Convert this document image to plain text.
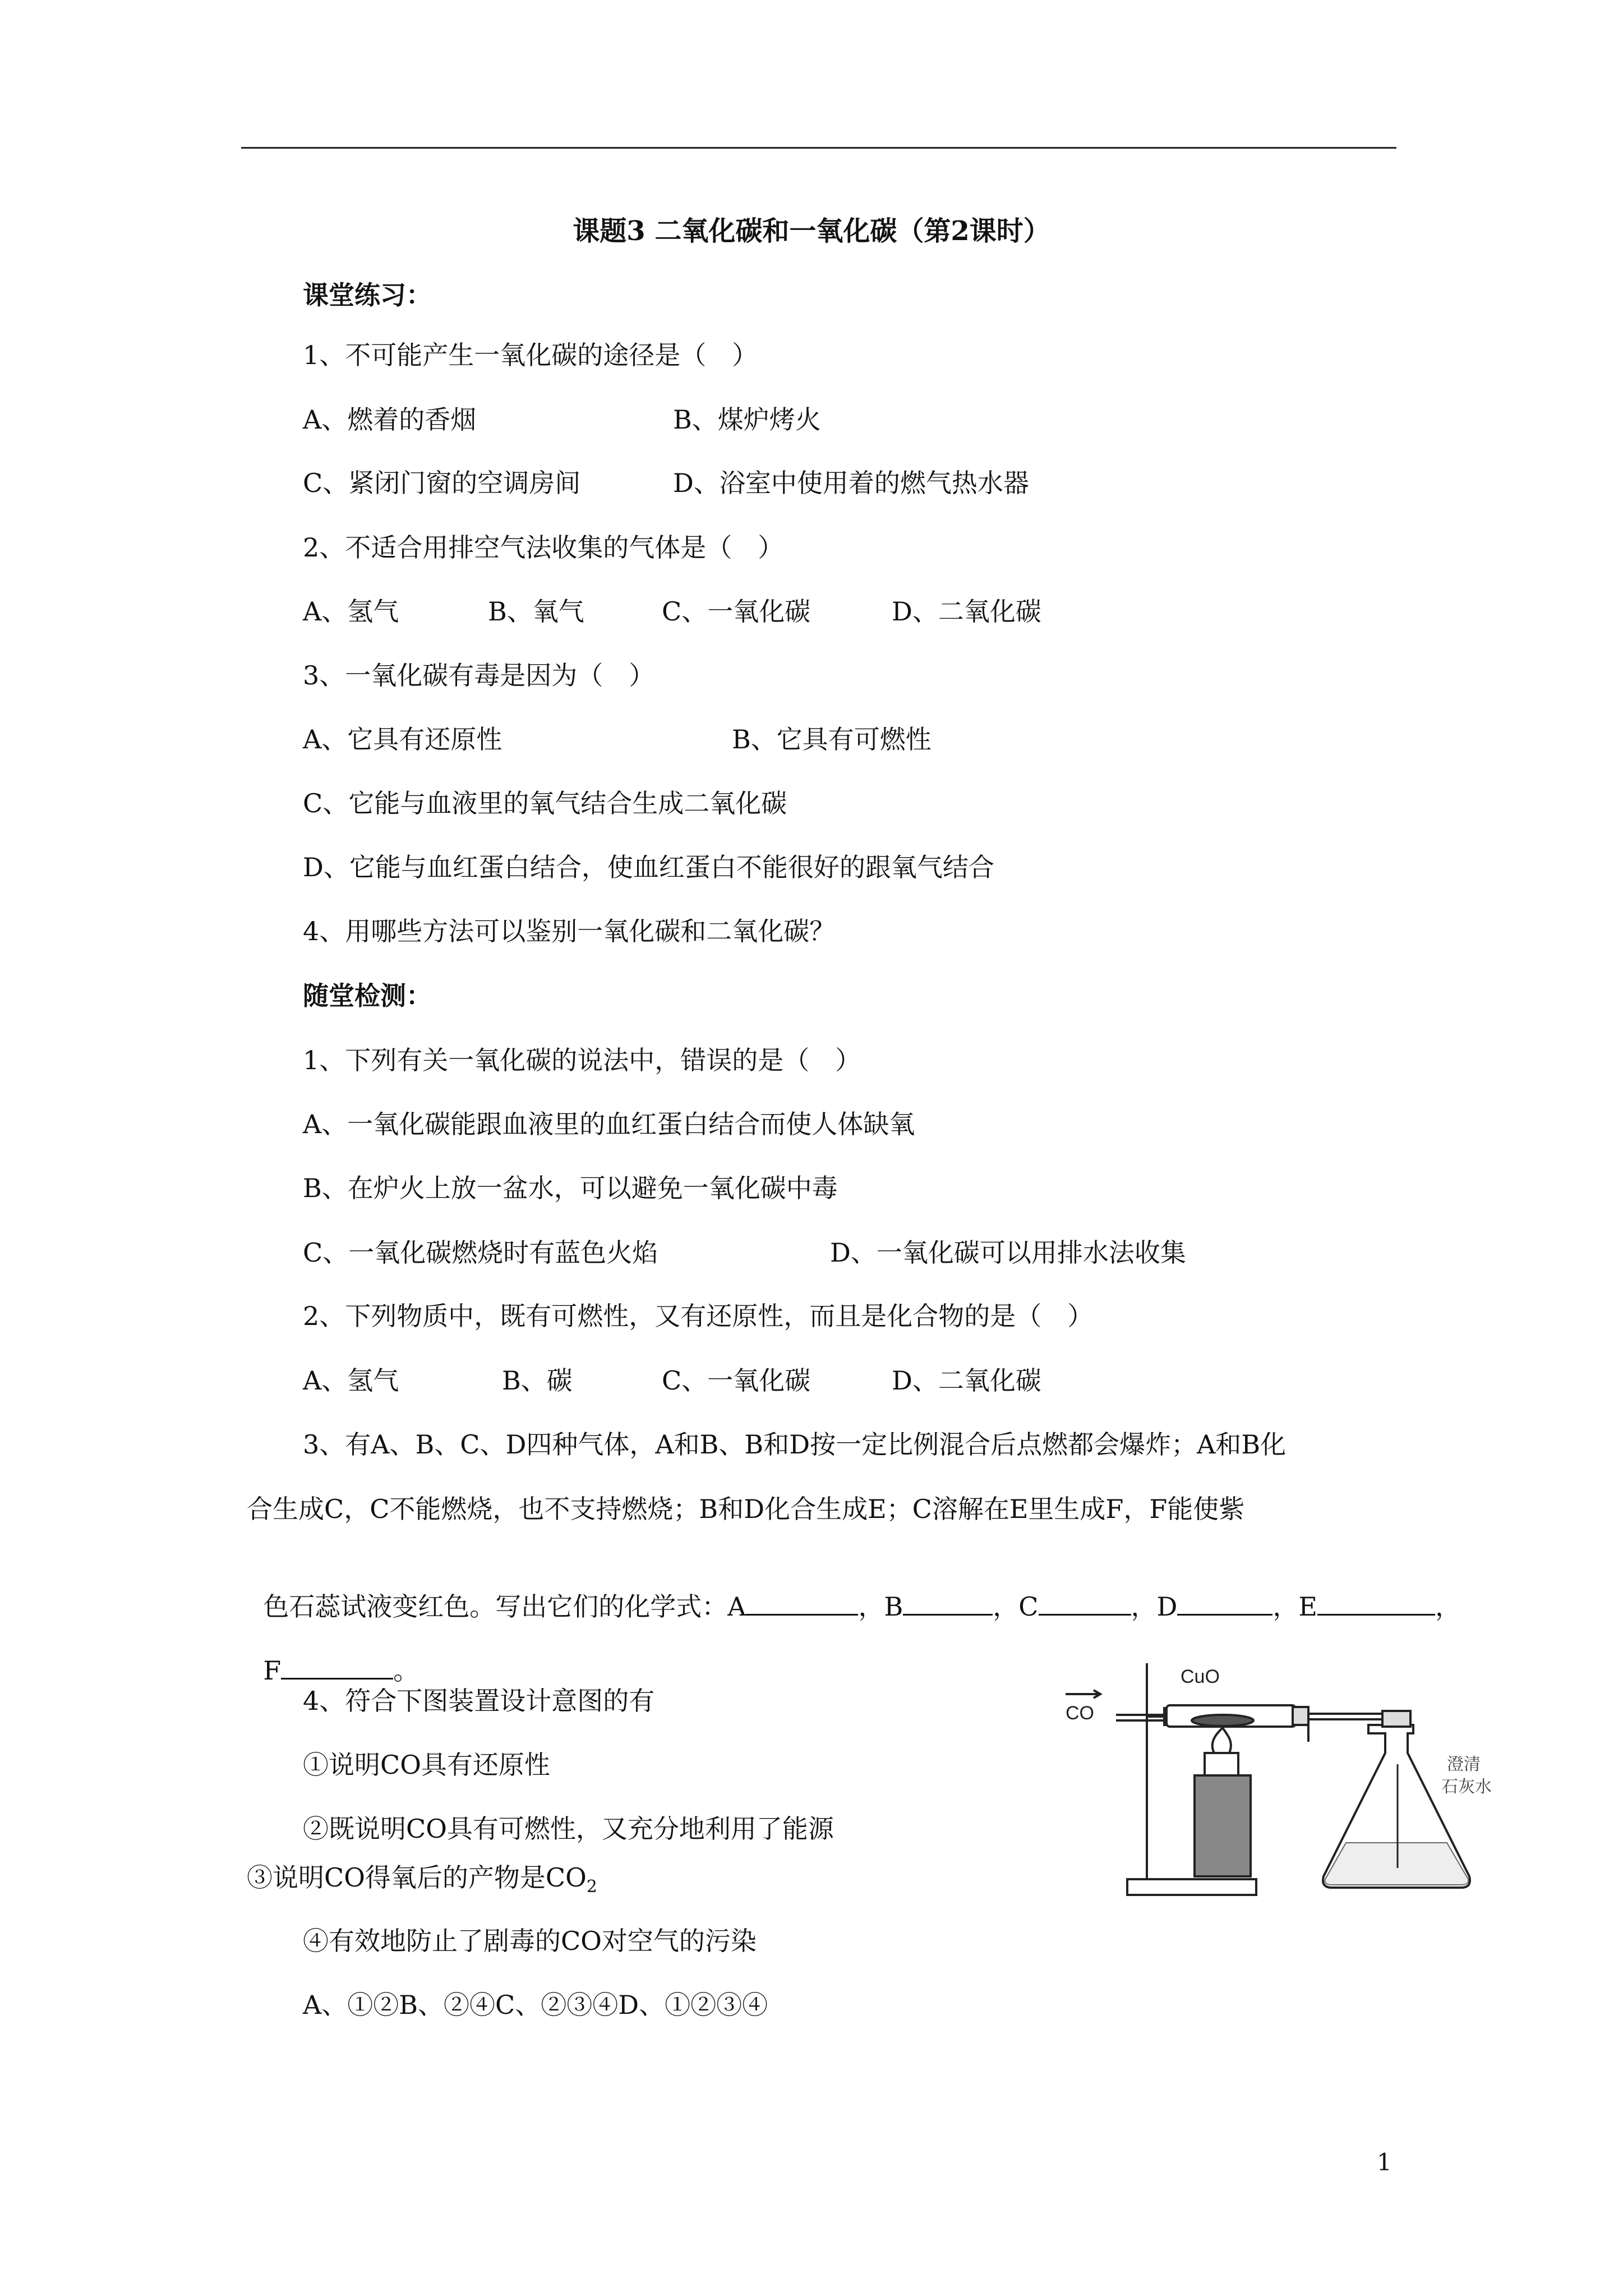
课题3 二氧化碳和一氧化碳（第2课时）
课堂练习：
1、不可能产生一氧化碳的途径是（　）
A、燃着的香烟	B、煤炉烤火
C、紧闭门窗的空调房间	D、浴室中使用着的燃气热水器
2、不适合用排空气法收集的气体是（　）
A、氢气	B、氧气	C、一氧化碳	D、二氧化碳
3、一氧化碳有毒是因为（　）
A、它具有还原性	B、它具有可燃性
C、它能与血液里的氧气结合生成二氧化碳
D、它能与血红蛋白结合，使血红蛋白不能很好的跟氧气结合
4、用哪些方法可以鉴别一氧化碳和二氧化碳？
随堂检测：
1、下列有关一氧化碳的说法中，错误的是（　）
A、一氧化碳能跟血液里的血红蛋白结合而使人体缺氧
B、在炉火上放一盆水，可以避免一氧化碳中毒
C、一氧化碳燃烧时有蓝色火焰	D、一氧化碳可以用排水法收集
2、下列物质中，既有可燃性，又有还原性，而且是化合物的是（　）
A、氢气	B、碳	C、一氧化碳	D、二氧化碳
3、有A、B、C、D四种气体，A和B、B和D按一定比例混合后点燃都会爆炸；A和B化
合生成C，C不能燃烧，也不支持燃烧；B和D化合生成E；C溶解在E里生成F，F能使紫

色石蕊试液变红色。写出它们的化学式：A	，B	，C	，D	，E	，

F	。

4、符合下图装置设计意图的有
①说明CO具有还原性
②既说明CO具有可燃性，又充分地利用了能源
③说明CO得氧后的产物是$CO_2$
④有效地防止了剧毒的CO对空气的污染
A、①②B、②④C、②③④D、①②③④
CuO
CO
澄清
石灰水
1
